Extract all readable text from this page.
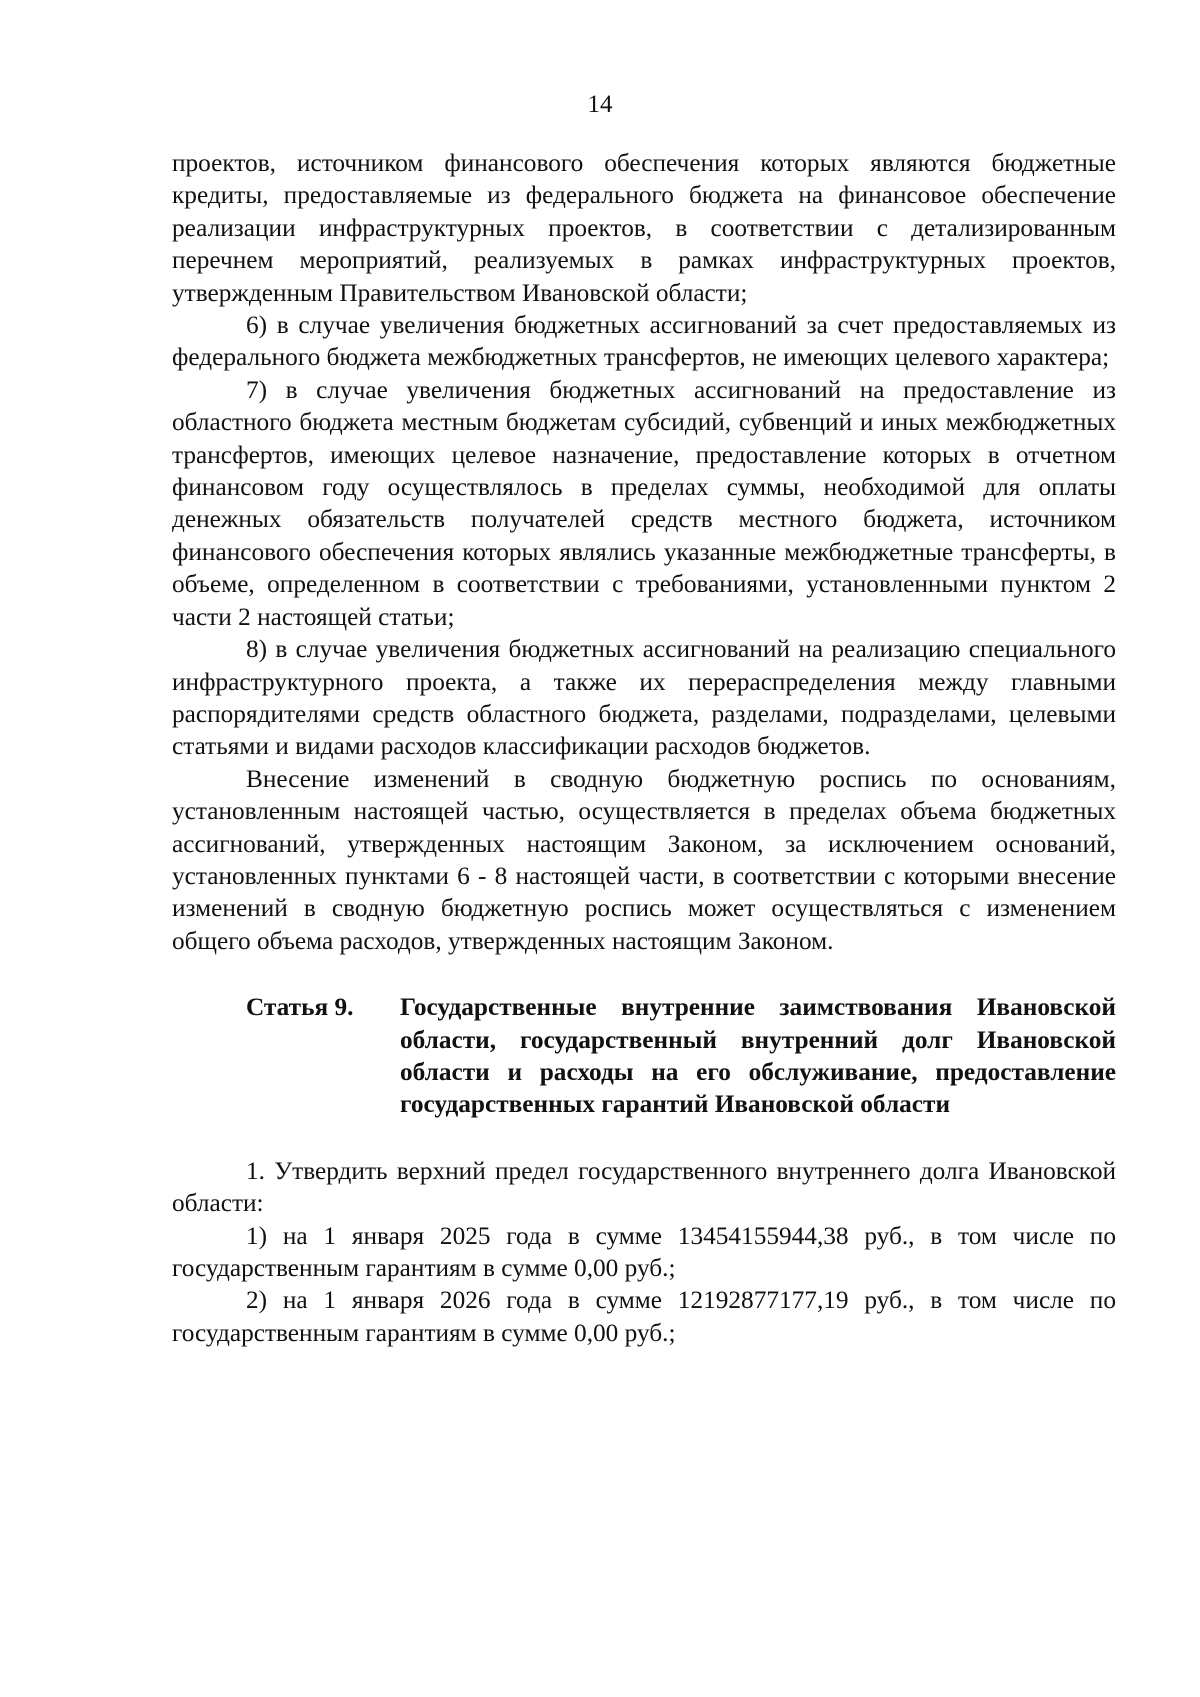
14

проектов, источником финансового обеспечения которых являются бюджетные кредиты, предоставляемые из федерального бюджета на финансовое обеспечение реализации инфраструктурных проектов, в соответствии с детализированным перечнем мероприятий, реализуемых в рамках инфраструктурных проектов, утвержденным Правительством Ивановской области;

6) в случае увеличения бюджетных ассигнований за счет предоставляемых из федерального бюджета межбюджетных трансфертов, не имеющих целевого характера;

7) в случае увеличения бюджетных ассигнований на предоставление из областного бюджета местным бюджетам субсидий, субвенций и иных межбюджетных трансфертов, имеющих целевое назначение, предоставление которых в отчетном финансовом году осуществлялось в пределах суммы, необходимой для оплаты денежных обязательств получателей средств местного бюджета, источником финансового обеспечения которых являлись указанные межбюджетные трансферты, в объеме, определенном в соответствии с требованиями, установленными пунктом 2 части 2 настоящей статьи;

8) в случае увеличения бюджетных ассигнований на реализацию специального инфраструктурного проекта, а также их перераспределения между главными распорядителями средств областного бюджета, разделами, подразделами, целевыми статьями и видами расходов классификации расходов бюджетов.

Внесение изменений в сводную бюджетную роспись по основаниям, установленным настоящей частью, осуществляется в пределах объема бюджетных ассигнований, утвержденных настоящим Законом, за исключением оснований, установленных пунктами 6 - 8 настоящей части, в соответствии с которыми внесение изменений в сводную бюджетную роспись может осуществляться с изменением общего объема расходов, утвержденных настоящим Законом.

Статья 9.	Государственные внутренние заимствования Ивановской области, государственный внутренний долг Ивановской области и расходы на его обслуживание, предоставление государственных гарантий Ивановской области

1. Утвердить верхний предел государственного внутреннего долга Ивановской области:

1) на 1 января 2025 года в сумме 13454155944,38 руб., в том числе по государственным гарантиям в сумме 0,00 руб.;

2) на 1 января 2026 года в сумме 12192877177,19 руб., в том числе по государственным гарантиям в сумме 0,00 руб.;
